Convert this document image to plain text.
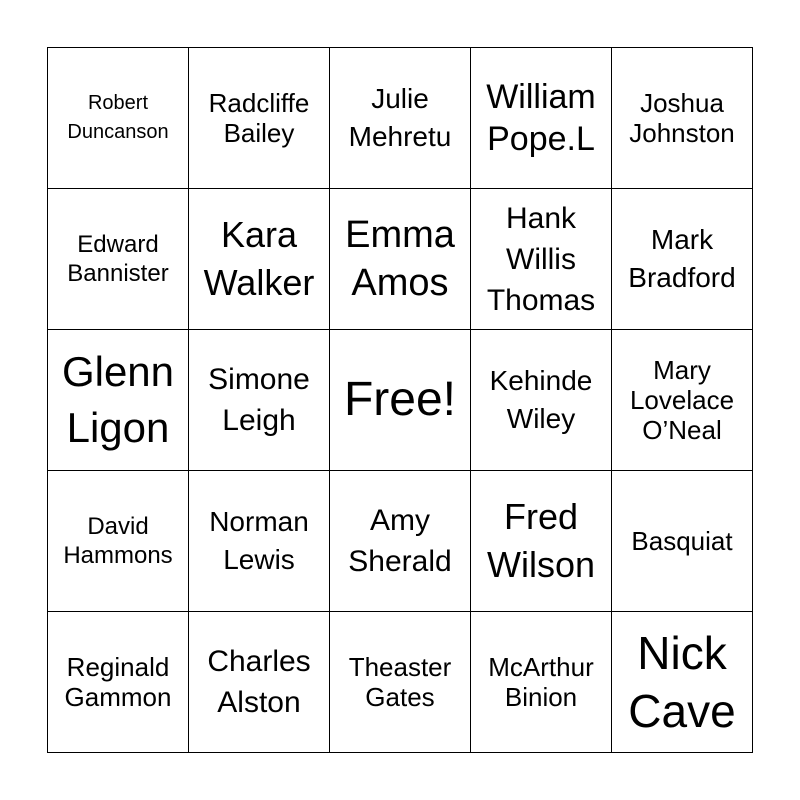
Robert
Duncanson
Radcliffe
Bailey
Julie
Mehretu
William
Pope.L
Joshua
Johnston
Edward
Bannister
Kara
Walker
Emma
Amos
Hank
Willis
Thomas
Mark
Bradford
Glenn
Ligon
Simone
Leigh Free! Kehinde
Wiley
Mary
Lovelace
O’Neal
David
Hammons
Norman
Lewis
Amy
Sherald
Fred
Wilson
Basquiat
Reginald
Gammon
Charles
Alston
Theaster
Gates
McArthur
Binion
Nick
Cave
